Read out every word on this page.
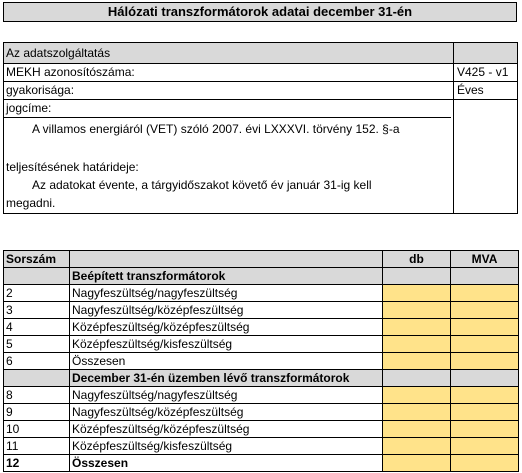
Hálózati transzformátorok adatai december 31-én
Az adatszolgáltatás
MEKH azonosítószáma:	V425 - v1
gyakorisága:	Éves
jogcíme:
A villamos energiáról (VET) szóló 2007. évi LXXXVI. törvény 152. §-a
teljesítésének határideje:
Az adatokat évente, a tárgyidőszakot követő év január 31-ig kell
megadni.
Sorszám		db	MVA
	Beépített transzformátorok		
2	Nagyfeszültség/nagyfeszültség		
3	Nagyfeszültség/középfeszültség		
4	Középfeszültség/középfeszültség		
5	Középfeszültség/kisfeszültség		
6	Összesen		
	December 31-én üzemben lévő transzformátorok		
8	Nagyfeszültség/nagyfeszültség		
9	Nagyfeszültség/középfeszültség		
10	Középfeszültség/középfeszültség		
11	Középfeszültség/kisfeszültség		
12	Összesen		
